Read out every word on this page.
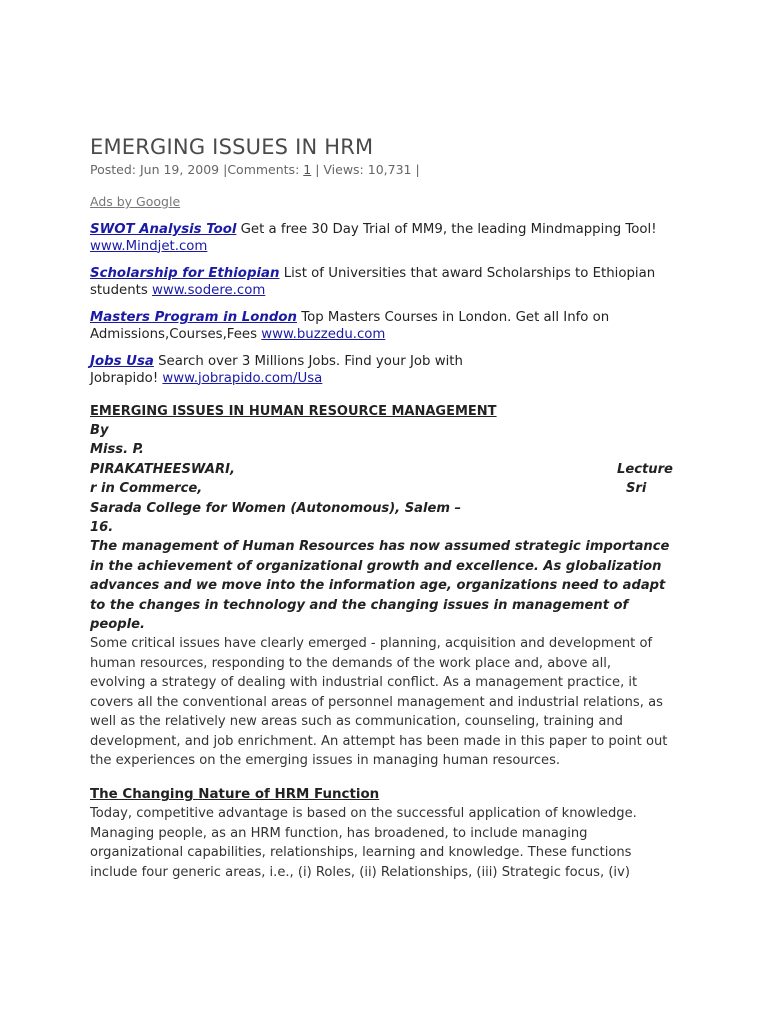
EMERGING ISSUES IN HRM
Posted: Jun 19, 2009 |Comments: 1 | Views: 10,731 |
Ads by Google
SWOT Analysis Tool Get a free 30 Day Trial of MM9, the leading Mindmapping Tool! www.Mindjet.com
Scholarship for Ethiopian List of Universities that award Scholarships to Ethiopian students www.sodere.com
Masters Program in London Top Masters Courses in London. Get all Info on Admissions,Courses,Fees www.buzzedu.com
Jobs Usa Search over 3 Millions Jobs. Find your Job with Jobrapido! www.jobrapido.com/Usa
EMERGING ISSUES IN HUMAN RESOURCE MANAGEMENT
By
Miss. P.
PIRAKATHEESWARI,	Lecture
r in Commerce,	Sri
Sarada College for Women (Autonomous), Salem –
16.
The management of Human Resources has now assumed strategic importance
in the achievement of organizational growth and excellence. As globalization
advances and we move into the information age, organizations need to adapt
to the changes in technology and the changing issues in management of
people.
Some critical issues have clearly emerged - planning, acquisition and development of
human resources, responding to the demands of the work place and, above all,
evolving a strategy of dealing with industrial conflict. As a management practice, it
covers all the conventional areas of personnel management and industrial relations, as
well as the relatively new areas such as communication, counseling, training and
development, and job enrichment. An attempt has been made in this paper to point out
the experiences on the emerging issues in managing human resources.
The Changing Nature of HRM Function
Today, competitive advantage is based on the successful application of knowledge.
Managing people, as an HRM function, has broadened, to include managing
organizational capabilities, relationships, learning and knowledge. These functions
include four generic areas, i.e., (i) Roles, (ii) Relationships, (iii) Strategic focus, (iv)
